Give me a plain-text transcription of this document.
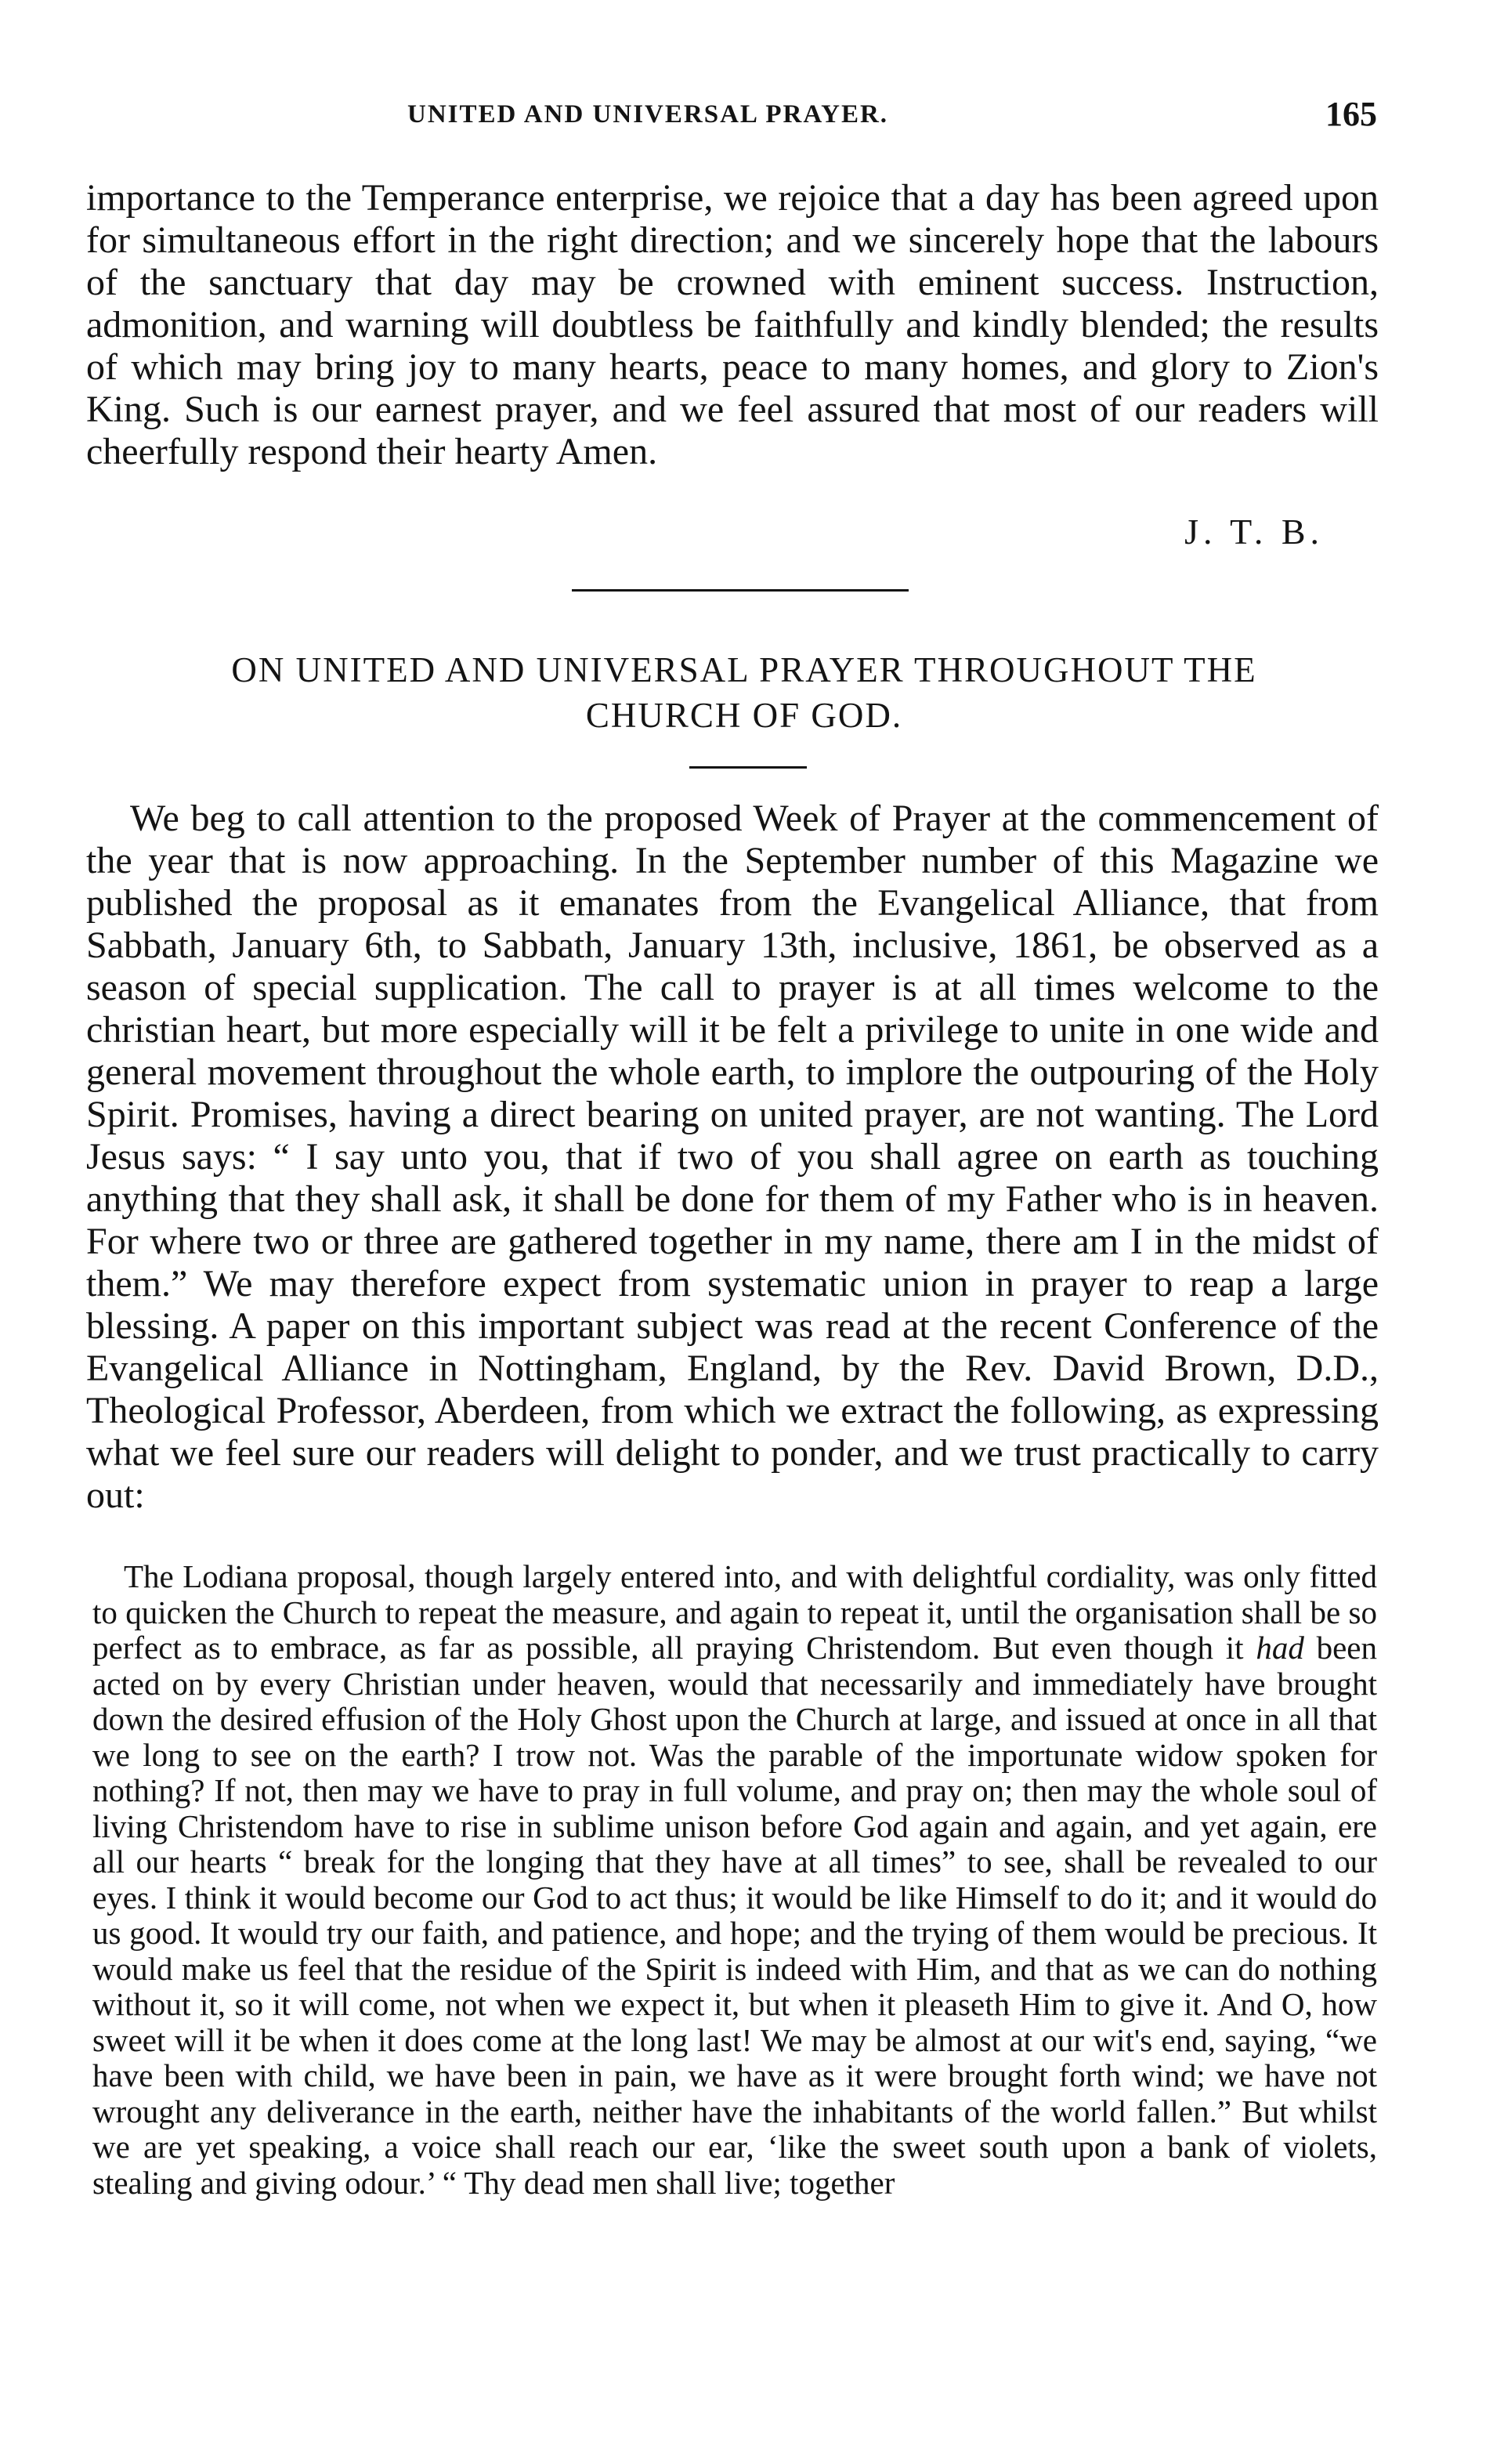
UNITED AND UNIVERSAL PRAYER.	165

importance to the Temperance enterprise, we rejoice that a day has been agreed upon for simultaneous effort in the right direction; and we sincerely hope that the labours of the sanctuary that day may be crowned with eminent success. Instruction, admonition, and warning will doubtless be faithfully and kindly blended; the results of which may bring joy to many hearts, peace to many homes, and glory to Zion's King. Such is our earnest prayer, and we feel assured that most of our readers will cheerfully respond their hearty Amen.

J. T. B.

ON UNITED AND UNIVERSAL PRAYER THROUGHOUT THE

CHURCH OF GOD.

We beg to call attention to the proposed Week of Prayer at the commencement of the year that is now approaching. In the September number of this Magazine we published the proposal as it emanates from the Evangelical Alliance, that from Sabbath, January 6th, to Sabbath, January 13th, inclusive, 1861, be observed as a season of special supplication. The call to prayer is at all times welcome to the christian heart, but more especially will it be felt a privilege to unite in one wide and general movement throughout the whole earth, to implore the outpouring of the Holy Spirit. Promises, having a direct bearing on united prayer, are not wanting. The Lord Jesus says: “ I say unto you, that if two of you shall agree on earth as touching anything that they shall ask, it shall be done for them of my Father who is in heaven. For where two or three are gathered together in my name, there am I in the midst of them.” We may therefore expect from systematic union in prayer to reap a large blessing. A paper on this important subject was read at the recent Conference of the Evangelical Alliance in Nottingham, England, by the Rev. David Brown, D.D., Theological Professor, Aberdeen, from which we extract the following, as expressing what we feel sure our readers will delight to ponder, and we trust practically to carry out:

The Lodiana proposal, though largely entered into, and with delightful cordiality, was only fitted to quicken the Church to repeat the measure, and again to repeat it, until the organisation shall be so perfect as to embrace, as far as possible, all praying Christendom. But even though it had been acted on by every Christian under heaven, would that necessarily and immediately have brought down the desired effusion of the Holy Ghost upon the Church at large, and issued at once in all that we long to see on the earth? I trow not. Was the parable of the importunate widow spoken for nothing? If not, then may we have to pray in full volume, and pray on; then may the whole soul of living Christendom have to rise in sublime unison before God again and again, and yet again, ere all our hearts “ break for the longing that they have at all times” to see, shall be revealed to our eyes. I think it would become our God to act thus; it would be like Himself to do it; and it would do us good. It would try our faith, and patience, and hope; and the trying of them would be precious. It would make us feel that the residue of the Spirit is indeed with Him, and that as we can do nothing without it, so it will come, not when we expect it, but when it pleaseth Him to give it. And O, how sweet will it be when it does come at the long last! We may be almost at our wit's end, saying, “we have been with child, we have been in pain, we have as it were brought forth wind; we have not wrought any deliverance in the earth, neither have the inhabitants of the world fallen.” But whilst we are yet speaking, a voice shall reach our ear, ‘like the sweet south upon a bank of violets, stealing and giving odour.’ “ Thy dead men shall live; together
